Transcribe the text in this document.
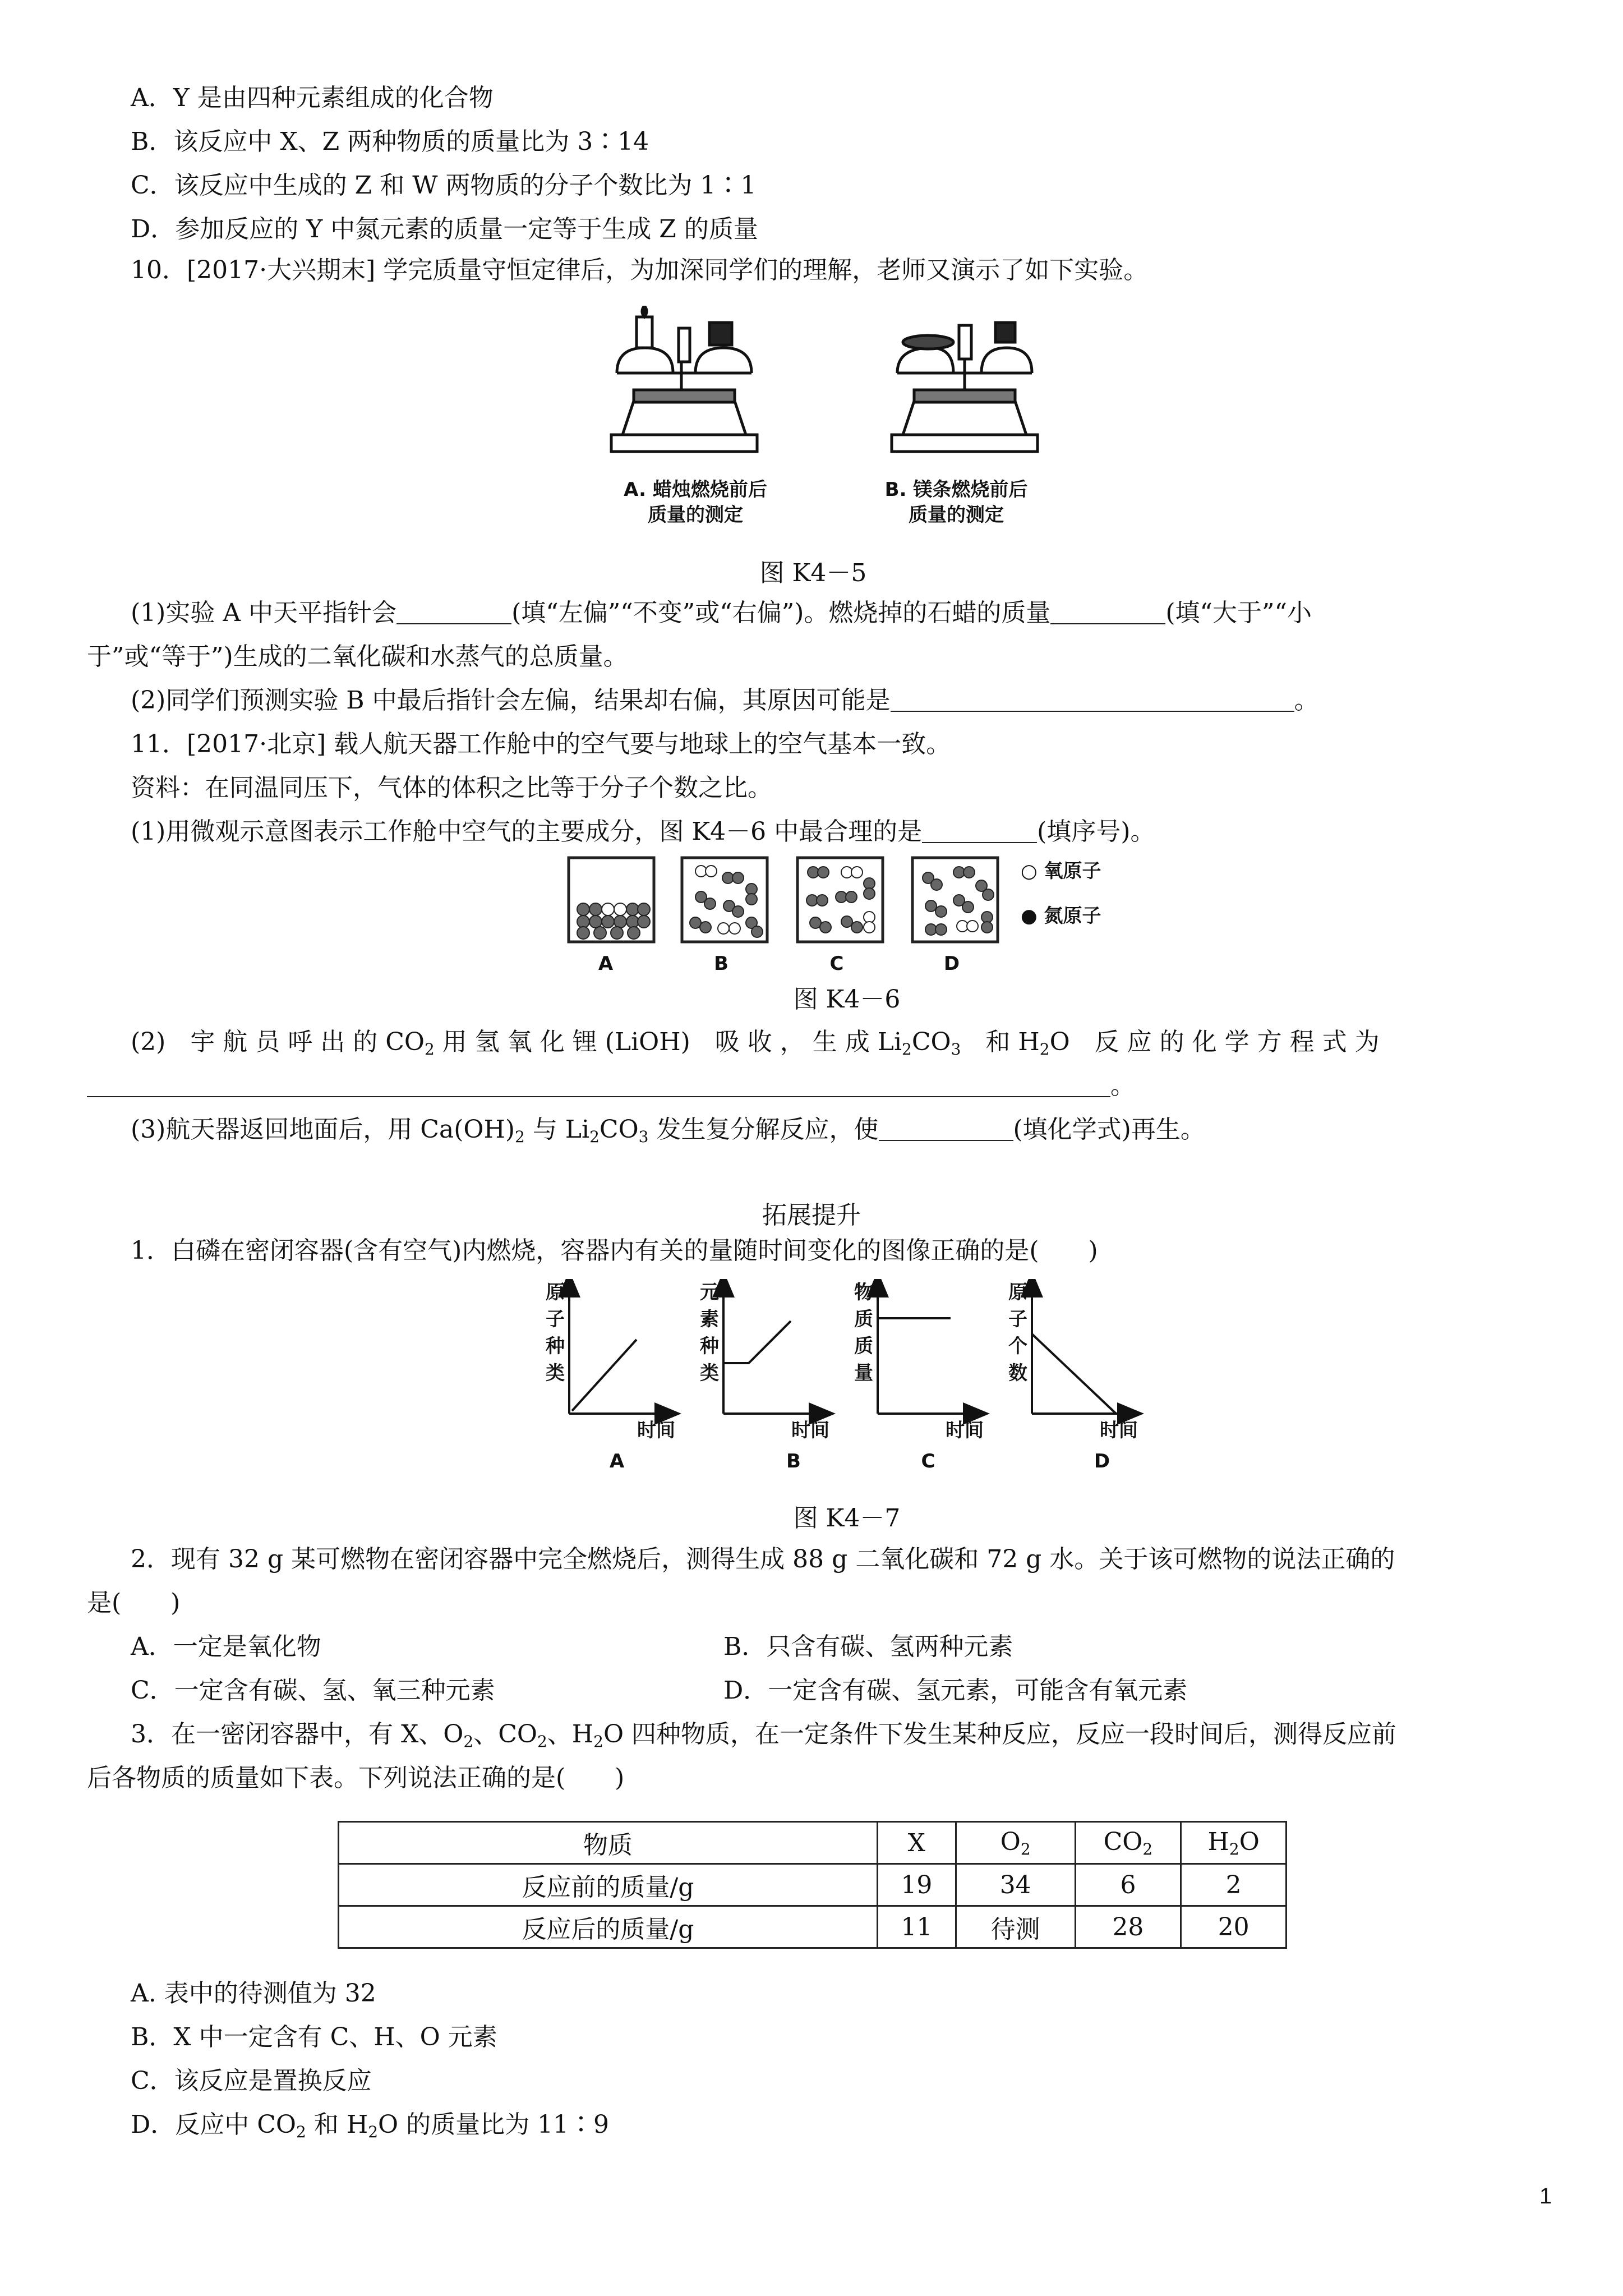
A．Y 是由四种元素组成的化合物
B．该反应中 X、Z 两种物质的质量比为 3∶14
C．该反应中生成的 Z 和 W 两物质的分子个数比为 1∶1
D．参加反应的 Y 中氮元素的质量一定等于生成 Z 的质量
10．[2017·大兴期末] 学完质量守恒定律后，为加深同学们的理解，老师又演示了如下实验。
A. 蜡烛燃烧前后
质量的测定
B. 镁条燃烧前后
质量的测定
图 K4－5
(1)实验 A 中天平指针会	(填“左偏”“不变”或“右偏”)。燃烧掉的石蜡的质量	(填“大于”“小
于”或“等于”)生成的二氧化碳和水蒸气的总质量。
(2)同学们预测实验 B 中最后指针会左偏，结果却右偏，其原因可能是	。
11．[2017·北京] 载人航天器工作舱中的空气要与地球上的空气基本一致。
资料：在同温同压下，气体的体积之比等于分子个数之比。
(1)用微观示意图表示工作舱中空气的主要成分，图 K4－6 中最合理的是	(填序号)。
○ 氧原子
● 氮原子
A	B	C	D
图 K4－6
(2)　宇 航 员 呼 出 的 $CO_2$ 用 氢 氧 化 锂 (LiOH)　吸 收 ， 生 成 $Li_2CO_3$　和 $H_2O$　反 应 的 化 学 方 程 式 为
。
(3)航天器返回地面后，用 $Ca(OH)_2$ 与 $Li_2CO_3$ 发生复分解反应，使	(填化学式)再生。
拓展提升
1．白磷在密闭容器(含有空气)内燃烧，容器内有关的量随时间变化的图像正确的是(　　)
原子种类
元素种类
物质质量
原子个数
时间	时间	时间	时间
A	B	C	D
图 K4－7
2．现有 32 g 某可燃物在密闭容器中完全燃烧后，测得生成 88 g 二氧化碳和 72 g 水。关于该可燃物的说法正确的
是(　　)
A．一定是氧化物	B．只含有碳、氢两种元素
C．一定含有碳、氢、氧三种元素	D．一定含有碳、氢元素，可能含有氧元素
3．在一密闭容器中，有 X、$O_2$、$CO_2$、$H_2O$ 四种物质，在一定条件下发生某种反应，反应一段时间后，测得反应前
后各物质的质量如下表。下列说法正确的是(　　)
物质	X	$O_2$	$CO_2$	$H_2O$
反应前的质量/g	19	34	6	2
反应后的质量/g	11	待测	28	20
A. 表中的待测值为 32
B．X 中一定含有 C、H、O 元素
C．该反应是置换反应
D．反应中 $CO_2$ 和 $H_2O$ 的质量比为 11∶9
1
